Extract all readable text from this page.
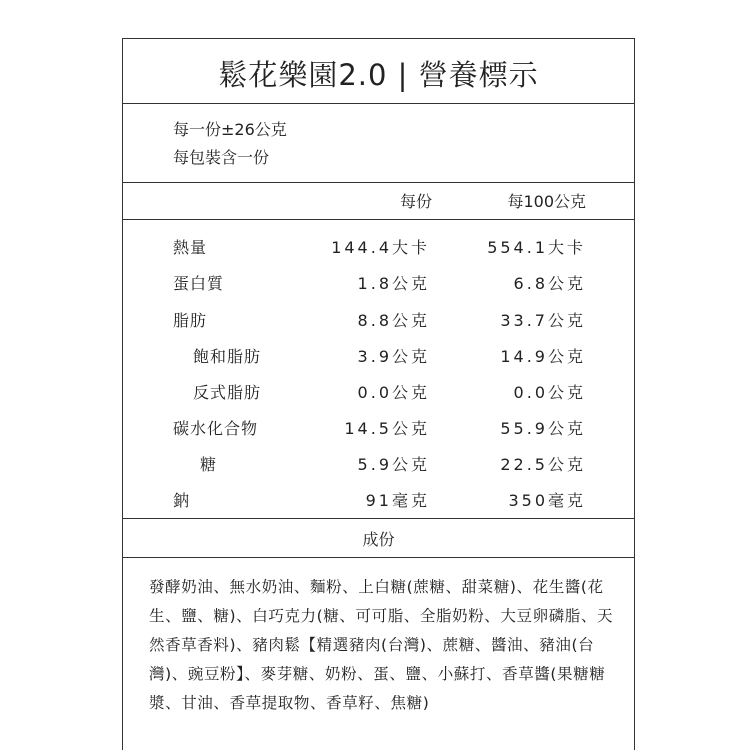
鬆花樂園2.0 | 營養標示
每一份±26公克
每包裝含一份
每份	每100公克
熱量	144.4大卡	554.1大卡
蛋白質	1.8公克	6.8公克
脂肪	8.8公克	33.7公克
飽和脂肪	3.9公克	14.9公克
反式脂肪	0.0公克	0.0公克
碳水化合物	14.5公克	55.9公克
糖	5.9公克	22.5公克
鈉	91毫克	350毫克
成份
發酵奶油、無水奶油、麵粉、上白糖(蔗糖、甜菜糖)、花生醬(花生、鹽、糖)、白巧克力(糖、可可脂、全脂奶粉、大豆卵磷脂、天然香草香料)、豬肉鬆【精選豬肉(台灣)、蔗糖、醬油、豬油(台灣)、豌豆粉】、麥芽糖、奶粉、蛋、鹽、小蘇打、香草醬(果糖糖漿、甘油、香草提取物、香草籽、焦糖)
